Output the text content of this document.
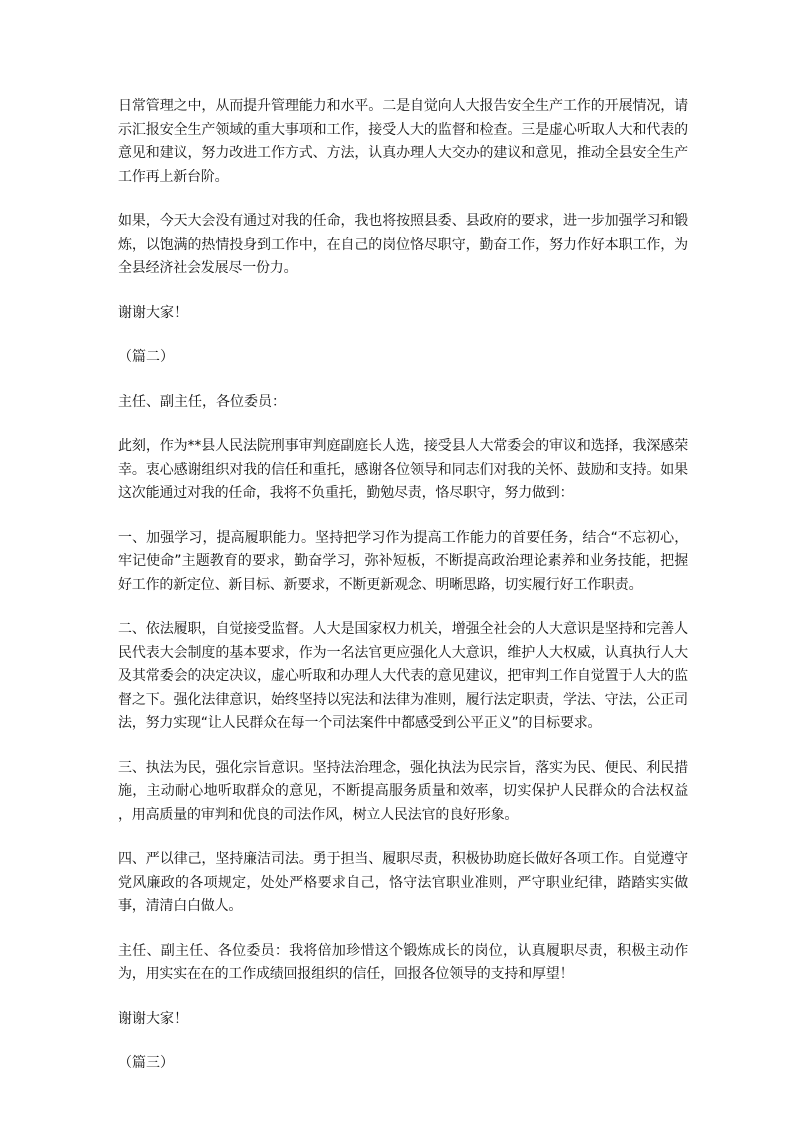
日常管理之中，从而提升管理能力和水平。二是自觉向人大报告安全生产工作的开展情况，请示汇报安全生产领域的重大事项和工作，接受人大的监督和检查。三是虚心听取人大和代表的意见和建议，努力改进工作方式、方法，认真办理人大交办的建议和意见，推动全县安全生产工作再上新台阶。

如果，今天大会没有通过对我的任命，我也将按照县委、县政府的要求，进一步加强学习和锻炼，以饱满的热情投身到工作中，在自己的岗位恪尽职守，勤奋工作，努力作好本职工作，为全县经济社会发展尽一份力。

谢谢大家！

（篇二）

主任、副主任，各位委员：

此刻，作为**县人民法院刑事审判庭副庭长人选，接受县人大常委会的审议和选择，我深感荣幸。衷心感谢组织对我的信任和重托，感谢各位领导和同志们对我的关怀、鼓励和支持。如果这次能通过对我的任命，我将不负重托，勤勉尽责，恪尽职守，努力做到：

一、加强学习，提高履职能力。坚持把学习作为提高工作能力的首要任务，结合“不忘初心，牢记使命”主题教育的要求，勤奋学习，弥补短板，不断提高政治理论素养和业务技能，把握好工作的新定位、新目标、新要求，不断更新观念、明晰思路，切实履行好工作职责。

二、依法履职，自觉接受监督。人大是国家权力机关，增强全社会的人大意识是坚持和完善人民代表大会制度的基本要求，作为一名法官更应强化人大意识，维护人大权威，认真执行人大及其常委会的决定决议，虚心听取和办理人大代表的意见建议，把审判工作自觉置于人大的监督之下。强化法律意识，始终坚持以宪法和法律为准则，履行法定职责，学法、守法，公正司法，努力实现“让人民群众在每一个司法案件中都感受到公平正义”的目标要求。

三、执法为民，强化宗旨意识。坚持法治理念，强化执法为民宗旨，落实为民、便民、利民措施，主动耐心地听取群众的意见，不断提高服务质量和效率，切实保护人民群众的合法权益 ，用高质量的审判和优良的司法作风，树立人民法官的良好形象。

四、严以律己，坚持廉洁司法。勇于担当、履职尽责，积极协助庭长做好各项工作。自觉遵守党风廉政的各项规定，处处严格要求自己，恪守法官职业准则，严守职业纪律，踏踏实实做事，清清白白做人。

主任、副主任、各位委员：我将倍加珍惜这个锻炼成长的岗位，认真履职尽责，积极主动作为，用实实在在的工作成绩回报组织的信任，回报各位领导的支持和厚望！

谢谢大家！

（篇三）
